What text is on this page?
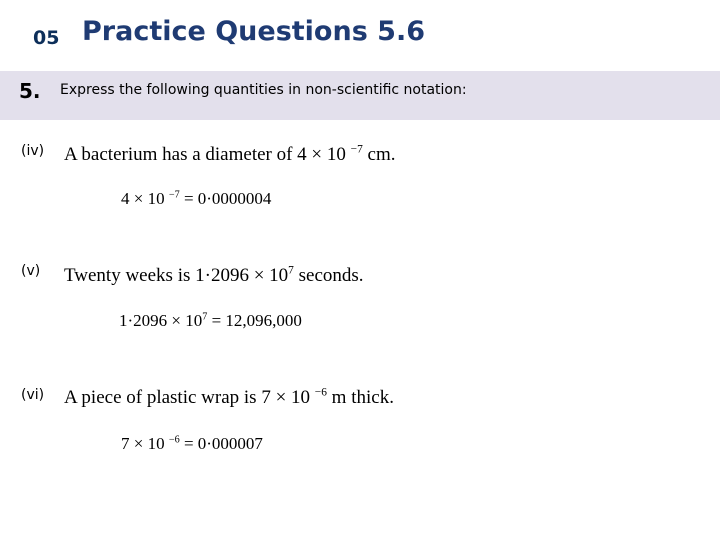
05 Practice Questions 5.6
5. Express the following quantities in non-scientific notation:
(iv) A bacterium has a diameter of 4 × 10 $^{-7}$ cm.
4 × 10 $^{-7}$ = 0·0000004
(v) Twenty weeks is $1\cdot 2096 \times 10^7$ seconds.
$1\cdot 2096 \times 10^7 = 12,096,000$
(vi) A piece of plastic wrap is 7 × 10 $^{-6}$ m thick.
7 × 10 $^{-6}$ = 0·000007
